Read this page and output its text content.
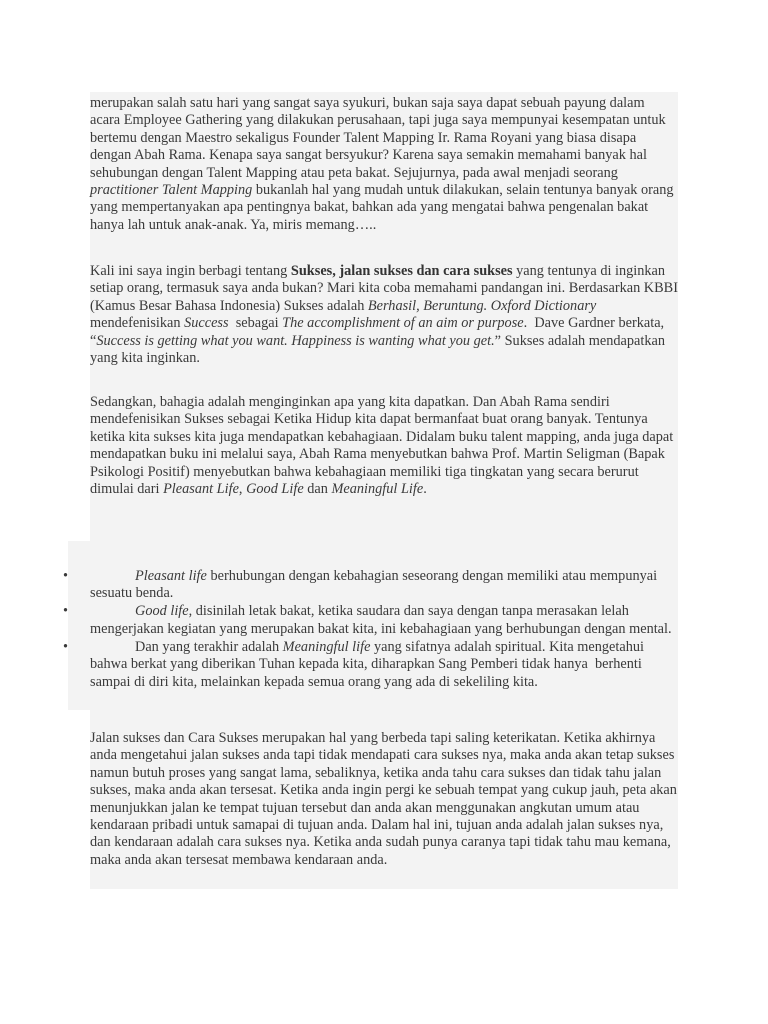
merupakan salah satu hari yang sangat saya syukuri, bukan saja saya dapat sebuah payung dalam acara Employee Gathering yang dilakukan perusahaan, tapi juga saya mempunyai kesempatan untuk bertemu dengan Maestro sekaligus Founder Talent Mapping Ir. Rama Royani yang biasa disapa dengan Abah Rama. Kenapa saya sangat bersyukur? Karena saya semakin memahami banyak hal sehubungan dengan Talent Mapping atau peta bakat. Sejujurnya, pada awal menjadi seorang practitioner Talent Mapping bukanlah hal yang mudah untuk dilakukan, selain tentunya banyak orang yang mempertanyakan apa pentingnya bakat, bahkan ada yang mengatai bahwa pengenalan bakat hanya lah untuk anak-anak. Ya, miris memang…..

Kali ini saya ingin berbagi tentang Sukses, jalan sukses dan cara sukses yang tentunya di inginkan setiap orang, termasuk saya anda bukan? Mari kita coba memahami pandangan ini. Berdasarkan KBBI (Kamus Besar Bahasa Indonesia) Sukses adalah Berhasil, Beruntung. Oxford Dictionary mendefenisikan Success  sebagai The accomplishment of an aim or purpose.  Dave Gardner berkata, “Success is getting what you want. Happiness is wanting what you get.” Sukses adalah mendapatkan yang kita inginkan.

Sedangkan, bahagia adalah menginginkan apa yang kita dapatkan. Dan Abah Rama sendiri mendefenisikan Sukses sebagai Ketika Hidup kita dapat bermanfaat buat orang banyak. Tentunya ketika kita sukses kita juga mendapatkan kebahagiaan. Didalam buku talent mapping, anda juga dapat mendapatkan buku ini melalui saya, Abah Rama menyebutkan bahwa Prof. Martin Seligman (Bapak Psikologi Positif) menyebutkan bahwa kebahagiaan memiliki tiga tingkatan yang secara berurut dimulai dari Pleasant Life, Good Life dan Meaningful Life.

•	Pleasant life berhubungan dengan kebahagian seseorang dengan memiliki atau mempunyai sesuatu benda.
•	Good life, disinilah letak bakat, ketika saudara dan saya dengan tanpa merasakan lelah mengerjakan kegiatan yang merupakan bakat kita, ini kebahagiaan yang berhubungan dengan mental.
•	Dan yang terakhir adalah Meaningful life yang sifatnya adalah spiritual. Kita mengetahui bahwa berkat yang diberikan Tuhan kepada kita, diharapkan Sang Pemberi tidak hanya  berhenti sampai di diri kita, melainkan kepada semua orang yang ada di sekeliling kita.

Jalan sukses dan Cara Sukses merupakan hal yang berbeda tapi saling keterikatan. Ketika akhirnya anda mengetahui jalan sukses anda tapi tidak mendapati cara sukses nya, maka anda akan tetap sukses namun butuh proses yang sangat lama, sebaliknya, ketika anda tahu cara sukses dan tidak tahu jalan sukses, maka anda akan tersesat. Ketika anda ingin pergi ke sebuah tempat yang cukup jauh, peta akan menunjukkan jalan ke tempat tujuan tersebut dan anda akan menggunakan angkutan umum atau kendaraan pribadi untuk samapai di tujuan anda. Dalam hal ini, tujuan anda adalah jalan sukses nya, dan kendaraan adalah cara sukses nya. Ketika anda sudah punya caranya tapi tidak tahu mau kemana, maka anda akan tersesat membawa kendaraan anda.
